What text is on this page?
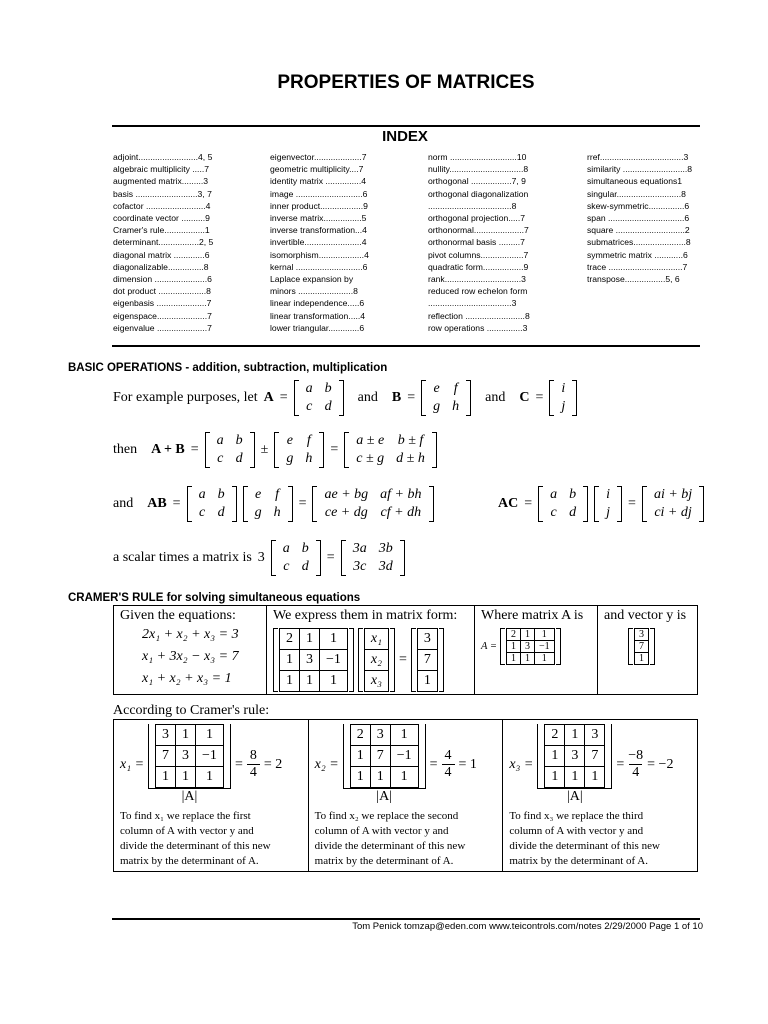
PROPERTIES OF MATRICES
INDEX
adjoint.........................4, 5
algebraic multiplicity .....7
augmented matrix.........3
basis ..........................3, 7
cofactor .........................4
coordinate vector ..........9
Cramer's rule.................1
determinant.................2, 5
diagonal matrix .............6
diagonalizable...............8
dimension ......................6
dot product ....................8
eigenbasis .....................7
eigenspace.....................7
eigenvalue .....................7
eigenvector....................7
geometric multiplicity....7
identity matrix ...............4
image ............................6
inner product..................9
inverse matrix................5
inverse transformation...4
invertible........................4
isomorphism...................4
kernal ............................6
Laplace expansion by
minors .......................8
linear independence.....6
linear transformation.....4
lower triangular.............6
norm ............................10
nullity...............................8
orthogonal .................7, 9
orthogonal diagonalization
...................................8
orthogonal projection.....7
orthonormal.....................7
orthonormal basis .........7
pivot columns..................7
quadratic form.................9
rank................................3
reduced row echelon form
...................................3
reflection .........................8
row operations ...............3
rref...................................3
similarity ...........................8
simultaneous equations1
singular...........................8
skew-symmetric...............6
span ................................6
square .............................2
submatrices......................8
symmetric matrix ............6
trace ...............................7
transpose.................5, 6
BASIC OPERATIONS - addition, subtraction, multiplication
For example purposes, let A =
a	b
c	d
and B =
e	f
g	h
and C =
i
j
then A + B =
a	b
c	d
±
e	f
g	h
=
a ± e	b ± f
c ± g	d ± h
and AB =
a	b
c	d
e	f
g	h
=
ae + bg	af + bh
ce + dg	cf + dh
AC =
a	b
c	d
i
j
=
ai + bj
ci + dj
a scalar times a matrix is 3
a	b
c	d
=
3a	3b
3c	3d
CRAMER'S RULE for solving simultaneous equations
Given the equations:
2x₁ + x₂ + x₃ = 3
x₁ + 3x₂ − x₃ = 7
x₁ + x₂ + x₃ = 1

We express them in matrix form:
2	1	1
1	3	−1
1	1	1
x₁
x₂
x₃
=
3
7
1

Where matrix A is
A =
2	1	1
1	3	−1
1	1	1

and vector y is
3
7
1
According to Cramer's rule:
x₁ = 3	1	1
7	3	−1
1	1	1
$|A| = \frac{8}{4} = 2$
To find x₁ we replace the first
column of A with vector y and
divide the determinant of this new
matrix by the determinant of A.

x₂ = 2	3	1
1	7	−1
1	1	1
$|A| = \frac{4}{4} = 1$
To find x₂ we replace the second
column of A with vector y and
divide the determinant of this new
matrix by the determinant of A.

x₃ = 2	1	3
1	3	7
1	1	1
$|A| = \frac{-8}{4} = -2$
To find x₃ we replace the third
column of A with vector y and
divide the determinant of this new
matrix by the determinant of A.
Tom Penick tomzap@eden.com www.teicontrols.com/notes 2/29/2000 Page 1 of 10
